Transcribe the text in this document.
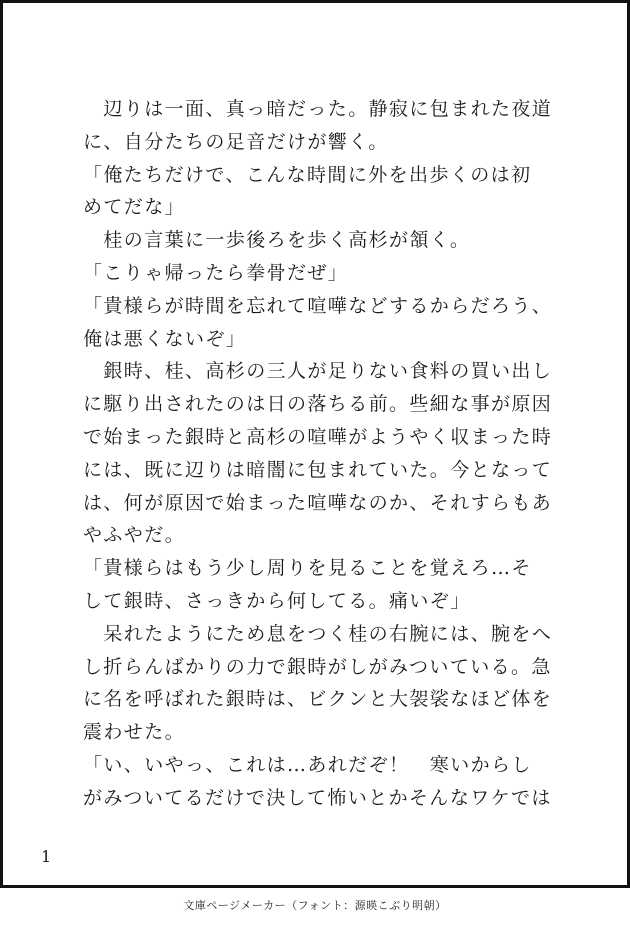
　辺りは一面、真っ暗だった。静寂に包まれた夜道
に、自分たちの足音だけが響く。
「俺たちだけで、こんな時間に外を出歩くのは初
めてだな」
　桂の言葉に一歩後ろを歩く高杉が頷く。
「こりゃ帰ったら拳骨だぜ」
「貴様らが時間を忘れて喧嘩などするからだろう、
俺は悪くないぞ」
　銀時、桂、高杉の三人が足りない食料の買い出し
に駆り出されたのは日の落ちる前。些細な事が原因
で始まった銀時と高杉の喧嘩がようやく収まった時
には、既に辺りは暗闇に包まれていた。今となって
は、何が原因で始まった喧嘩なのか、それすらもあ
やふやだ。
「貴様らはもう少し周りを見ることを覚えろ…そ
して銀時、さっきから何してる。痛いぞ」
　呆れたようにため息をつく桂の右腕には、腕をへ
し折らんばかりの力で銀時がしがみついている。急
に名を呼ばれた銀時は、ビクンと大袈裟なほど体を
震わせた。
「い、いやっ、これは…あれだぞ！　寒いからし
がみついてるだけで決して怖いとかそんなワケでは
1
文庫ページメーカー（フォント：源暎こぶり明朝）
